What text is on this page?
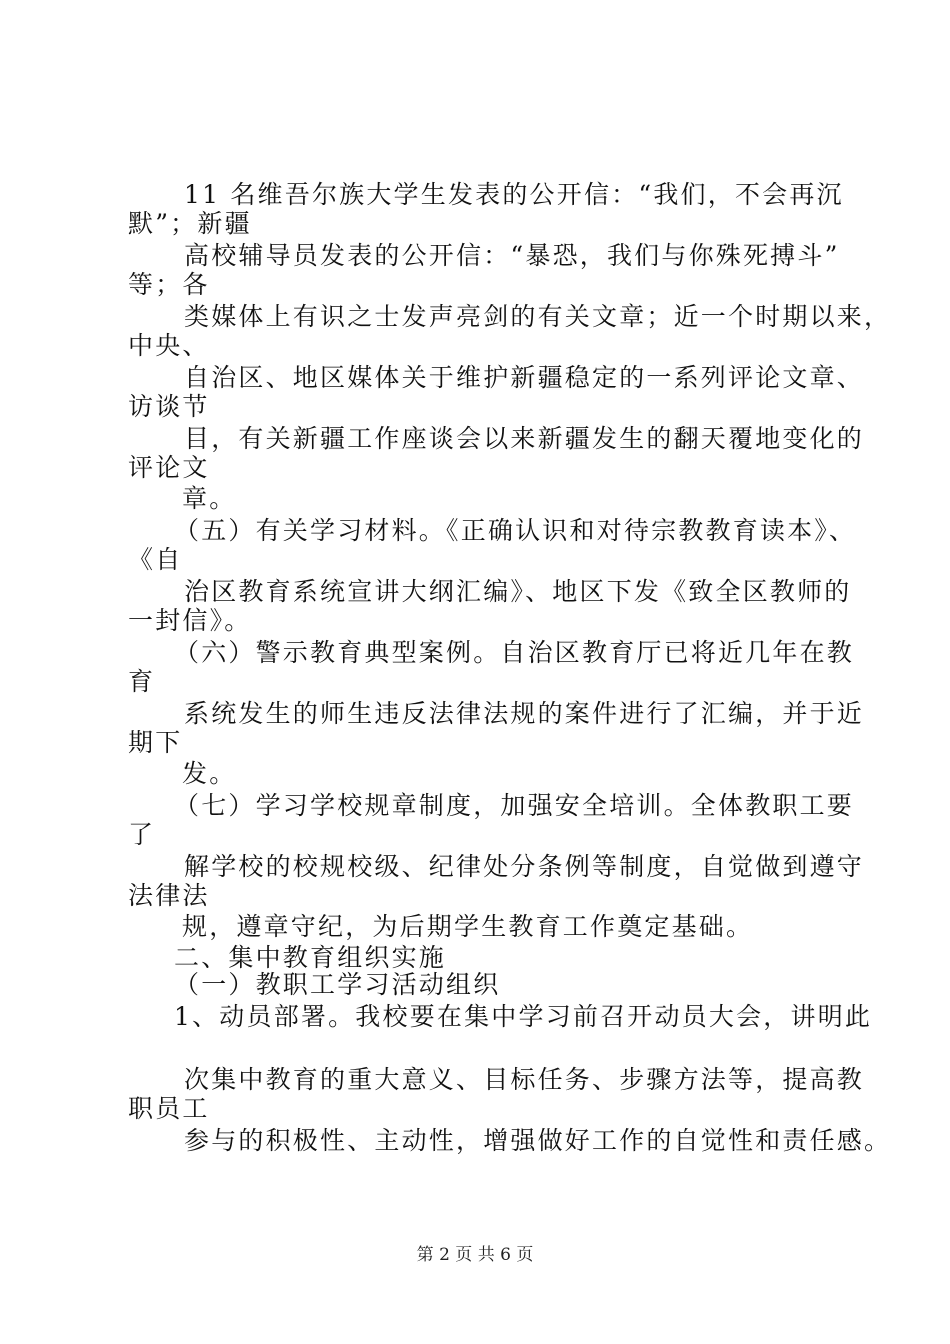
11 名维吾尔族大学生发表的公开信：“我们，不会再沉
默”；新疆
高校辅导员发表的公开信：“暴恐，我们与你殊死搏斗”
等；各
类媒体上有识之士发声亮剑的有关文章；近一个时期以来，
中央、
自治区、地区媒体关于维护新疆稳定的一系列评论文章、
访谈节
目，有关新疆工作座谈会以来新疆发生的翻天覆地变化的
评论文
章。
（五）有关学习材料。《正确认识和对待宗教教育读本》、
《自
治区教育系统宣讲大纲汇编》、地区下发《致全区教师的
一封信》。
（六）警示教育典型案例。自治区教育厅已将近几年在教
育
系统发生的师生违反法律法规的案件进行了汇编，并于近
期下
发。
（七）学习学校规章制度，加强安全培训。全体教职工要
了
解学校的校规校级、纪律处分条例等制度，自觉做到遵守
法律法
规，遵章守纪，为后期学生教育工作奠定基础。
二、集中教育组织实施
（一）教职工学习活动组织
1、动员部署。我校要在集中学习前召开动员大会，讲明此
次集中教育的重大意义、目标任务、步骤方法等，提高教
职员工
参与的积极性、主动性，增强做好工作的自觉性和责任感。
第 2 页 共 6 页
